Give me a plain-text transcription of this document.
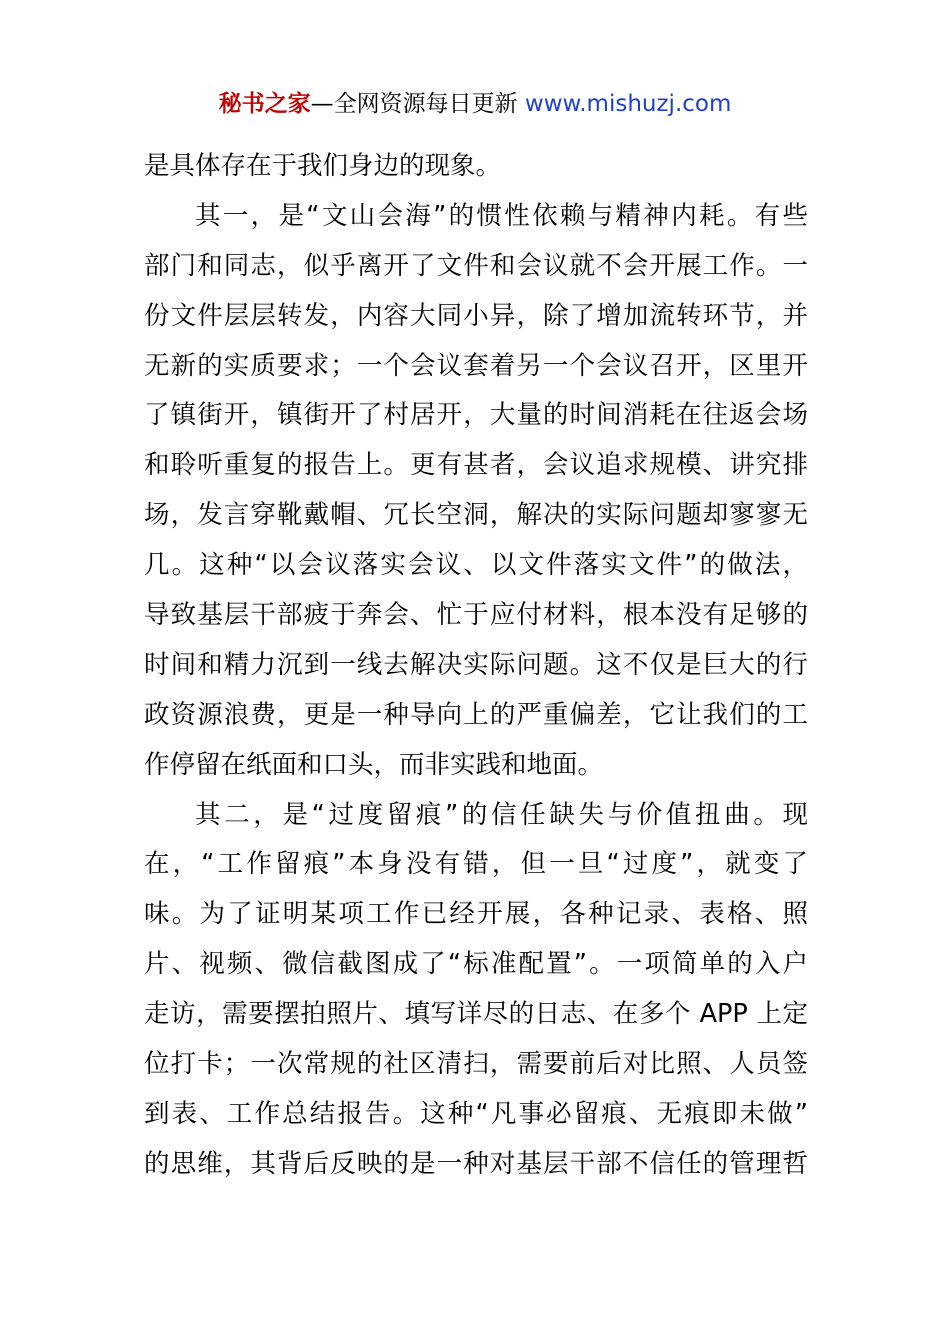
秘书之家—全网资源每日更新 www.mishuzj.com
是具体存在于我们身边的现象。
其一，是“文山会海”的惯性依赖与精神内耗。有些
部门和同志，似乎离开了文件和会议就不会开展工作。一
份文件层层转发，内容大同小异，除了增加流转环节，并
无新的实质要求；一个会议套着另一个会议召开，区里开
了镇街开，镇街开了村居开，大量的时间消耗在往返会场
和聆听重复的报告上。更有甚者，会议追求规模、讲究排
场，发言穿靴戴帽、冗长空洞，解决的实际问题却寥寥无
几。这种“以会议落实会议、以文件落实文件”的做法，
导致基层干部疲于奔会、忙于应付材料，根本没有足够的
时间和精力沉到一线去解决实际问题。这不仅是巨大的行
政资源浪费，更是一种导向上的严重偏差，它让我们的工
作停留在纸面和口头，而非实践和地面。
其二，是“过度留痕”的信任缺失与价值扭曲。现
在，“工作留痕”本身没有错，但一旦“过度”，就变了
味。为了证明某项工作已经开展，各种记录、表格、照
片、视频、微信截图成了“标准配置”。一项简单的入户
走访，需要摆拍照片、填写详尽的日志、在多个 APP 上定
位打卡；一次常规的社区清扫，需要前后对比照、人员签
到表、工作总结报告。这种“凡事必留痕、无痕即未做”
的思维，其背后反映的是一种对基层干部不信任的管理哲
